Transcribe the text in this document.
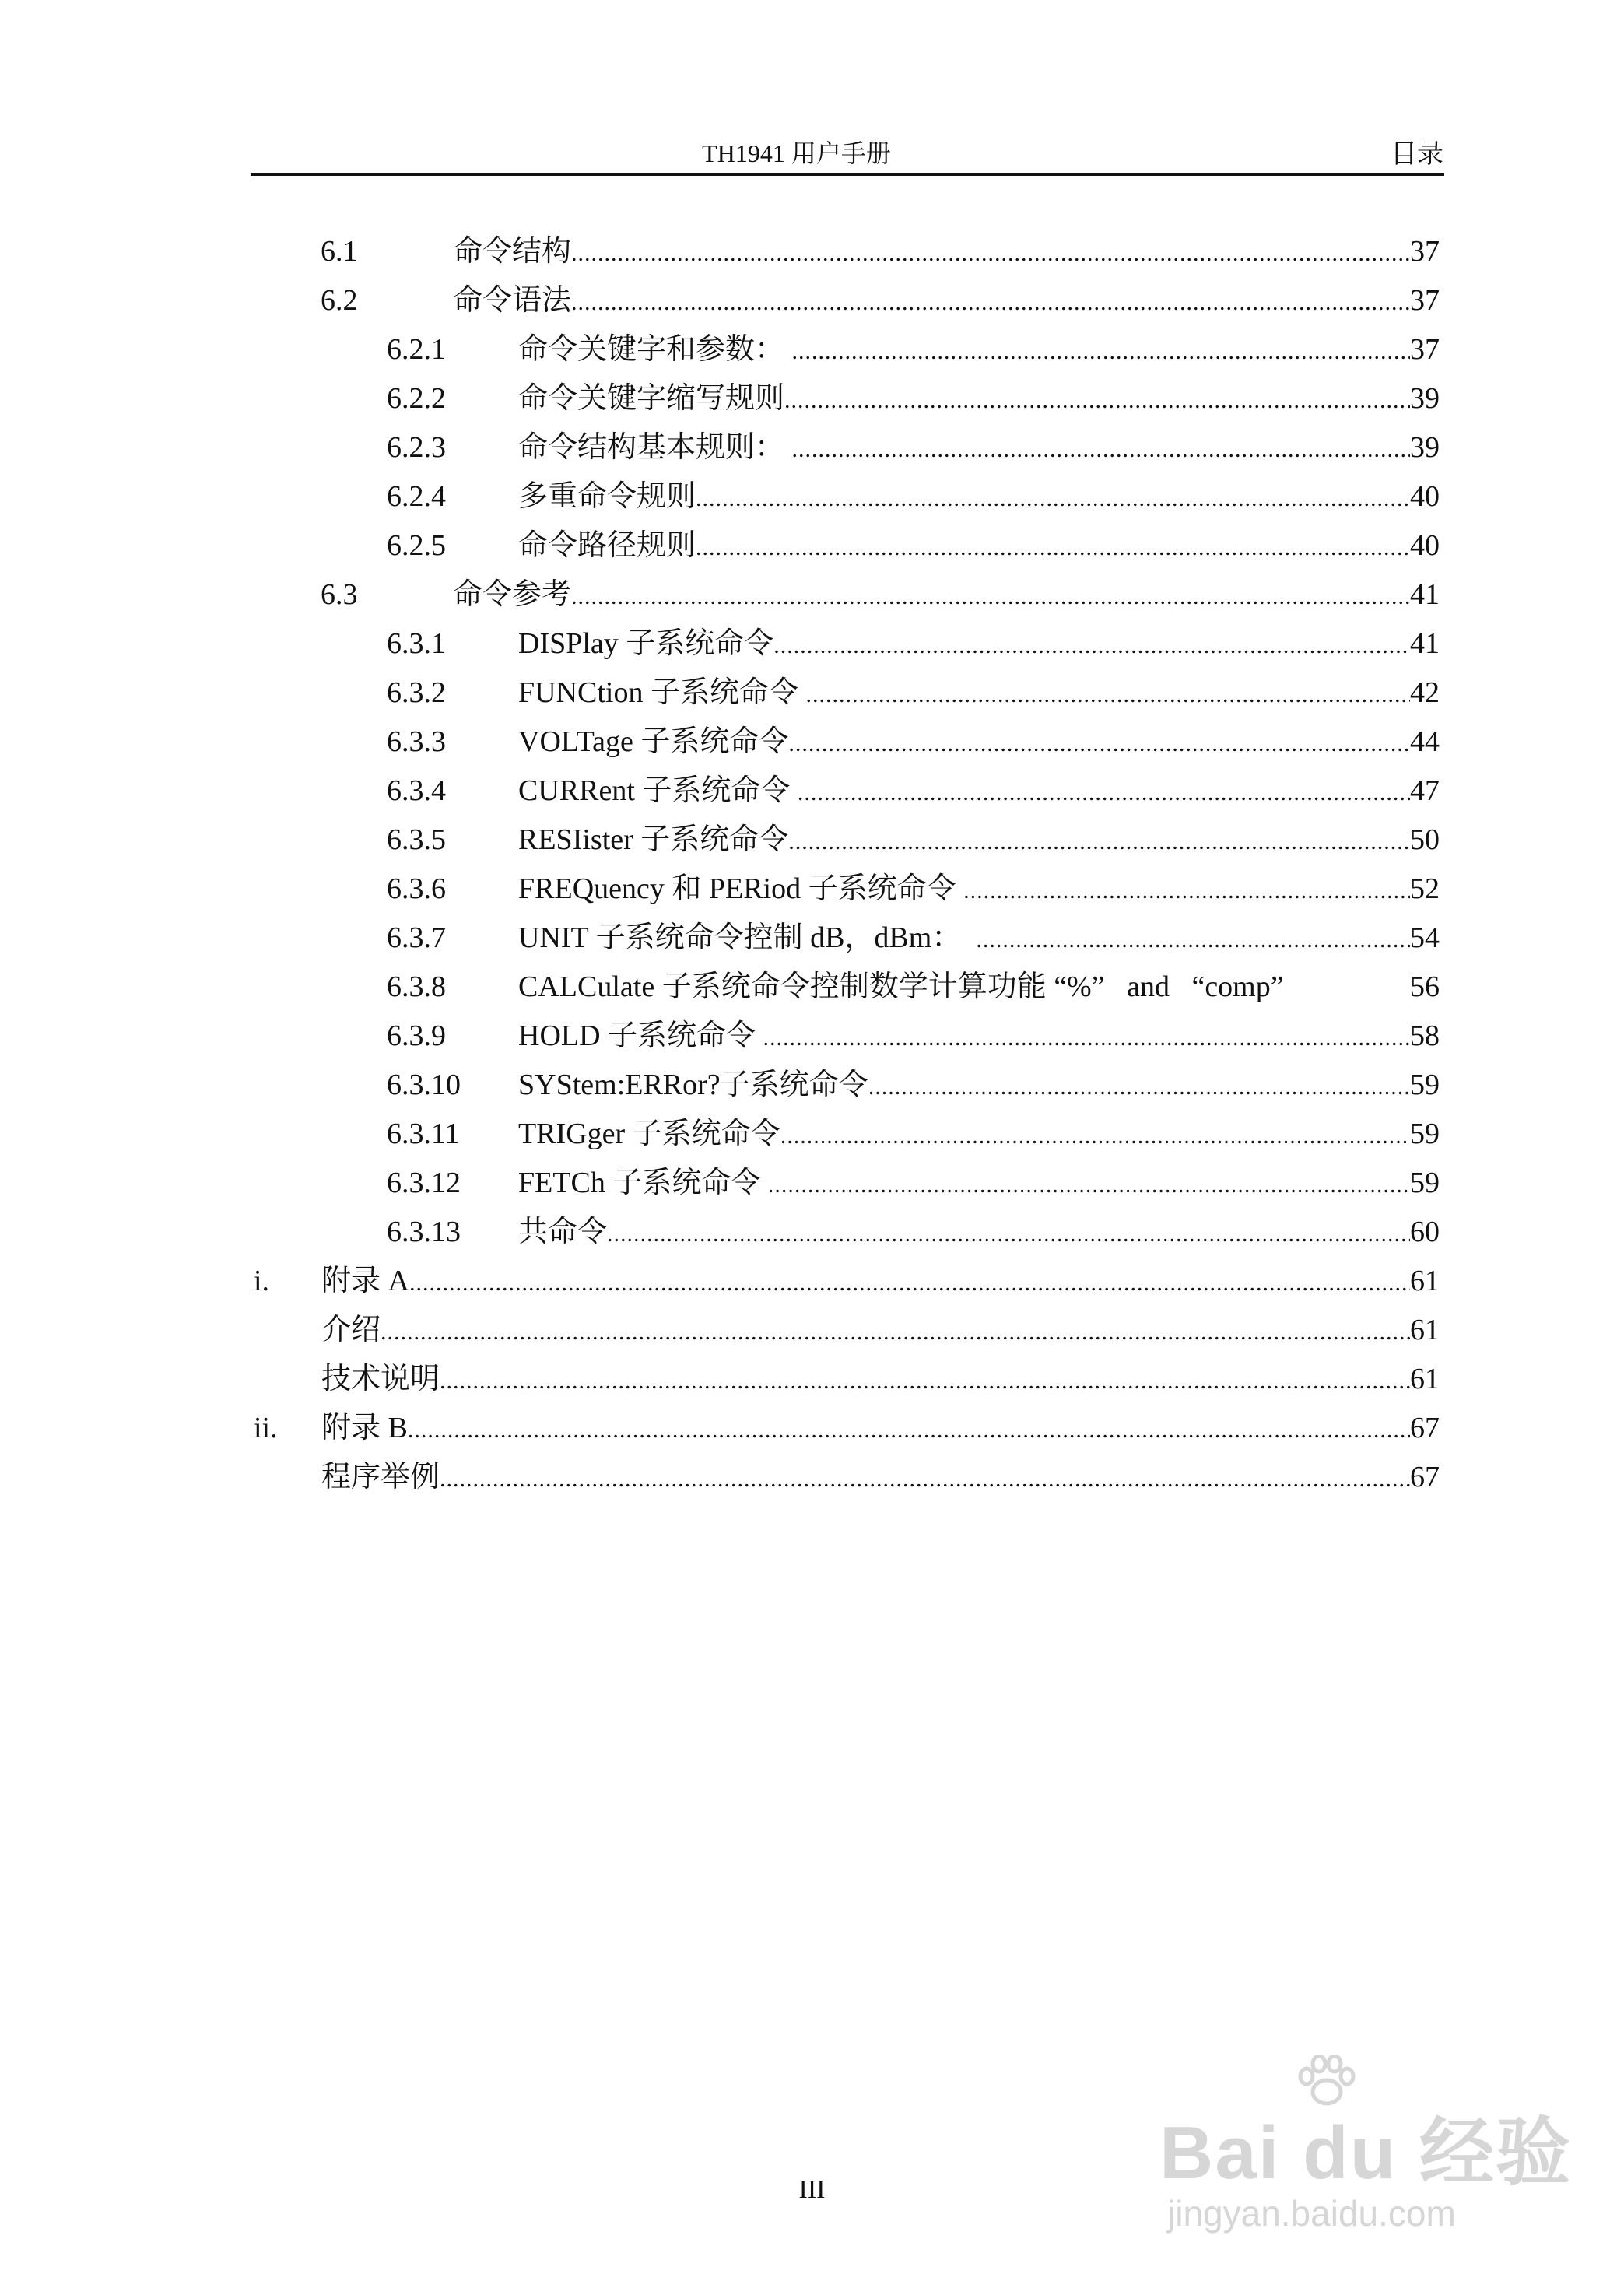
TH1941 用户手册	目录
6.1	命令结构 .....	37
6.2	命令语法 .....	37
6.2.1 命令关键字和参数： .....	37
6.2.2 命令关键字缩写规则 .....	39
6.2.3 命令结构基本规则： .....	39
6.2.4 多重命令规则 .....	40
6.2.5 命令路径规则 .....	40
6.3	命令参考 .....	41
6.3.1 DISPlay 子系统命令 .....	41
6.3.2 FUNCtion 子系统命令 .....	42
6.3.3 VOLTage 子系统命令 .....	44
6.3.4 CURRent 子系统命令 .....	47
6.3.5 RESIister 子系统命令 .....	50
6.3.6 FREQuency 和 PERiod 子系统命令 .....	52
6.3.7 UNIT 子系统命令控制 dB，dBm： .....	54
6.3.8 CALCulate 子系统命令控制数学计算功能 “%”   and   “comp”	56
6.3.9 HOLD 子系统命令 .....	58
6.3.10 SYStem:ERRor?子系统命令 .....	59
6.3.11 TRIGger 子系统命令 .....	59
6.3.12 FETCh 子系统命令 .....	59
6.3.13 共命令 .....	60
i. 附录 A .....	61
介绍 .....	61
技术说明 .....	61
ii. 附录 B .....	67
程序举例 .....	67
III	Bai du 经验
jingyan.baidu.com
